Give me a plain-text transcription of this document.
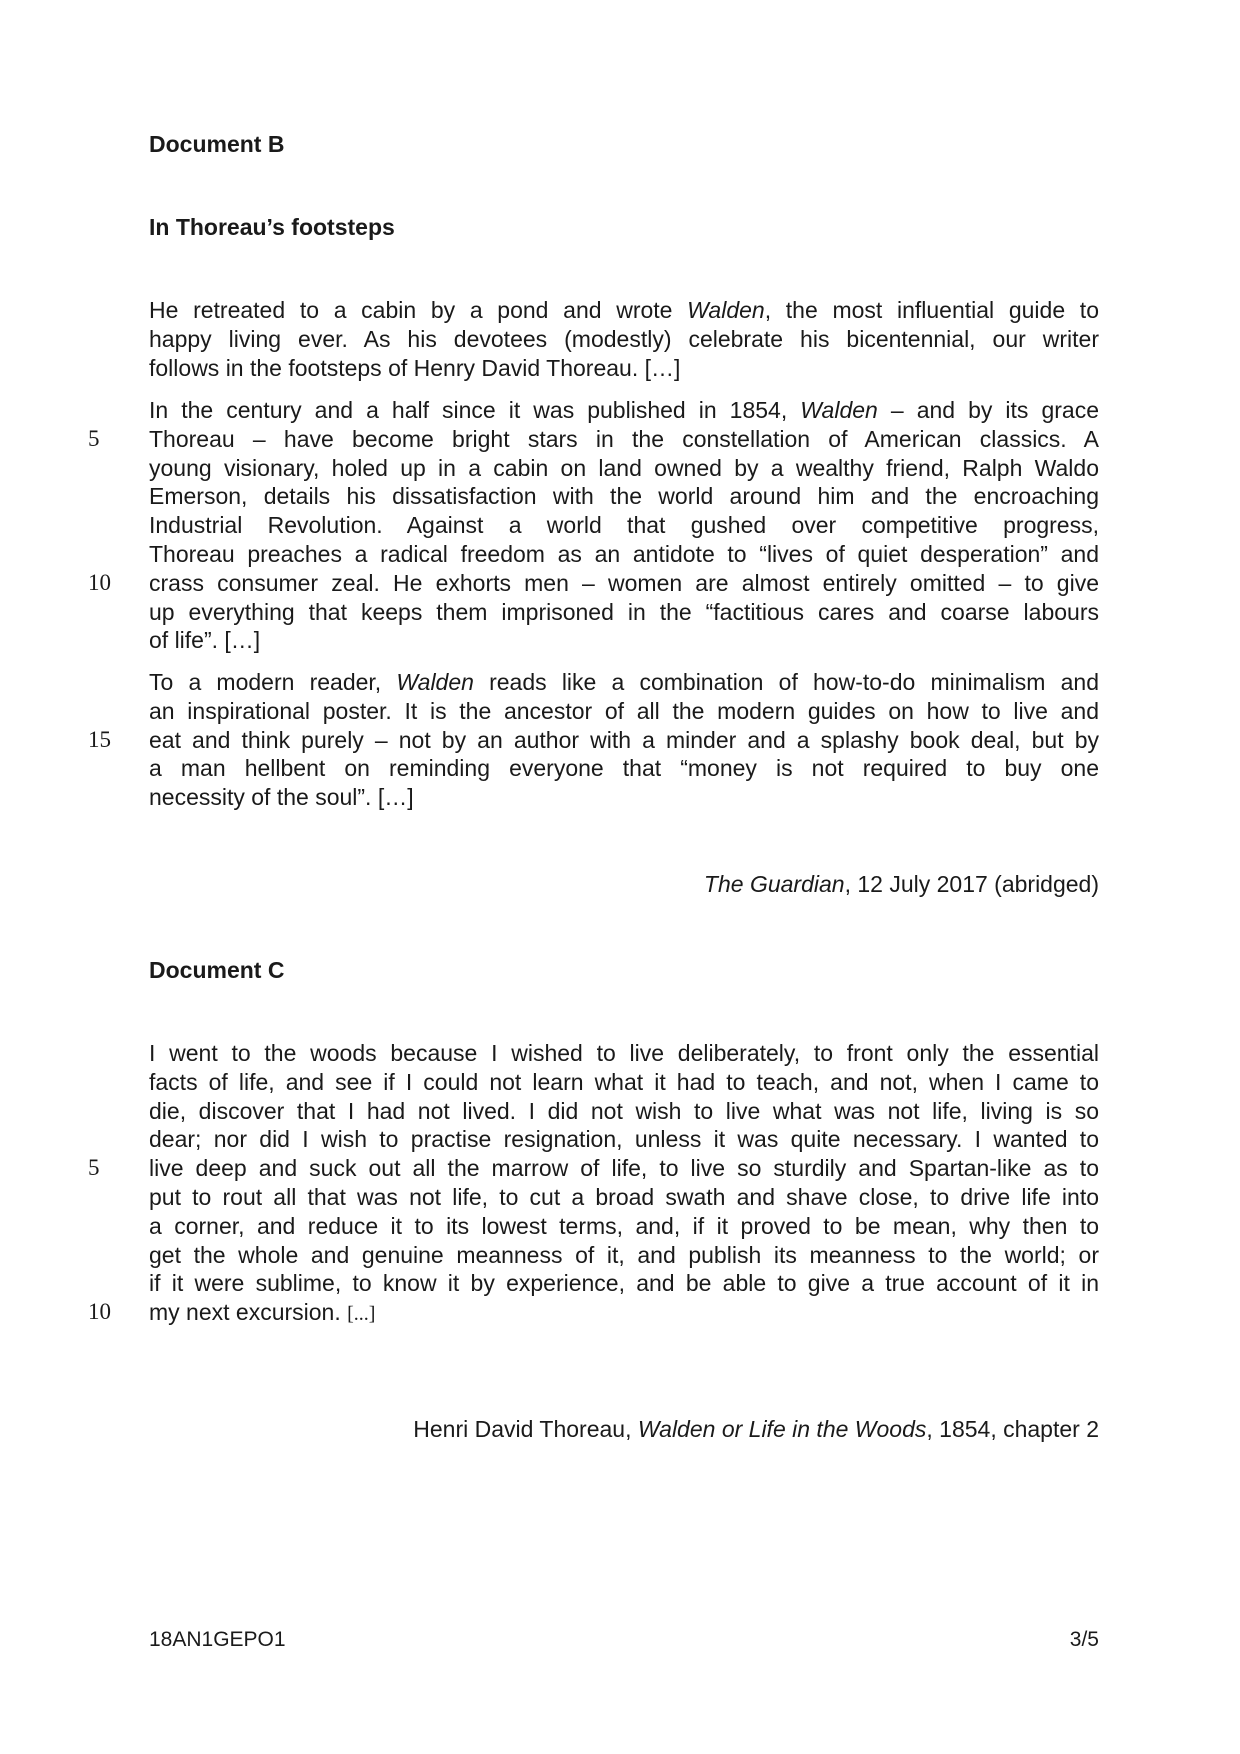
Document B
In Thoreau’s footsteps
He retreated to a cabin by a pond and wrote Walden, the most influential guide to
happy living ever. As his devotees (modestly) celebrate his bicentennial, our writer
follows in the footsteps of Henry David Thoreau. […]
In the century and a half since it was published in 1854, Walden – and by its grace
Thoreau – have become bright stars in the constellation of American classics. A
young visionary, holed up in a cabin on land owned by a wealthy friend, Ralph Waldo
Emerson, details his dissatisfaction with the world around him and the encroaching
Industrial Revolution. Against a world that gushed over competitive progress,
Thoreau preaches a radical freedom as an antidote to “lives of quiet desperation” and
crass consumer zeal. He exhorts men – women are almost entirely omitted – to give
up everything that keeps them imprisoned in the “factitious cares and coarse labours
of life”. […]
To a modern reader, Walden reads like a combination of how-to-do minimalism and
an inspirational poster. It is the ancestor of all the modern guides on how to live and
eat and think purely – not by an author with a minder and a splashy book deal, but by
a man hellbent on reminding everyone that “money is not required to buy one
necessity of the soul”. […]
5
10
15
The Guardian, 12 July 2017 (abridged)
Document C
I went to the woods because I wished to live deliberately, to front only the essential
facts of life, and see if I could not learn what it had to teach, and not, when I came to
die, discover that I had not lived. I did not wish to live what was not life, living is so
dear; nor did I wish to practise resignation, unless it was quite necessary. I wanted to
live deep and suck out all the marrow of life, to live so sturdily and Spartan-like as to
put to rout all that was not life, to cut a broad swath and shave close, to drive life into
a corner, and reduce it to its lowest terms, and, if it proved to be mean, why then to
get the whole and genuine meanness of it, and publish its meanness to the world; or
if it were sublime, to know it by experience, and be able to give a true account of it in
my next excursion. [...]
5
10
Henri David Thoreau, Walden or Life in the Woods, 1854, chapter 2
18AN1GEPO1	3/5
